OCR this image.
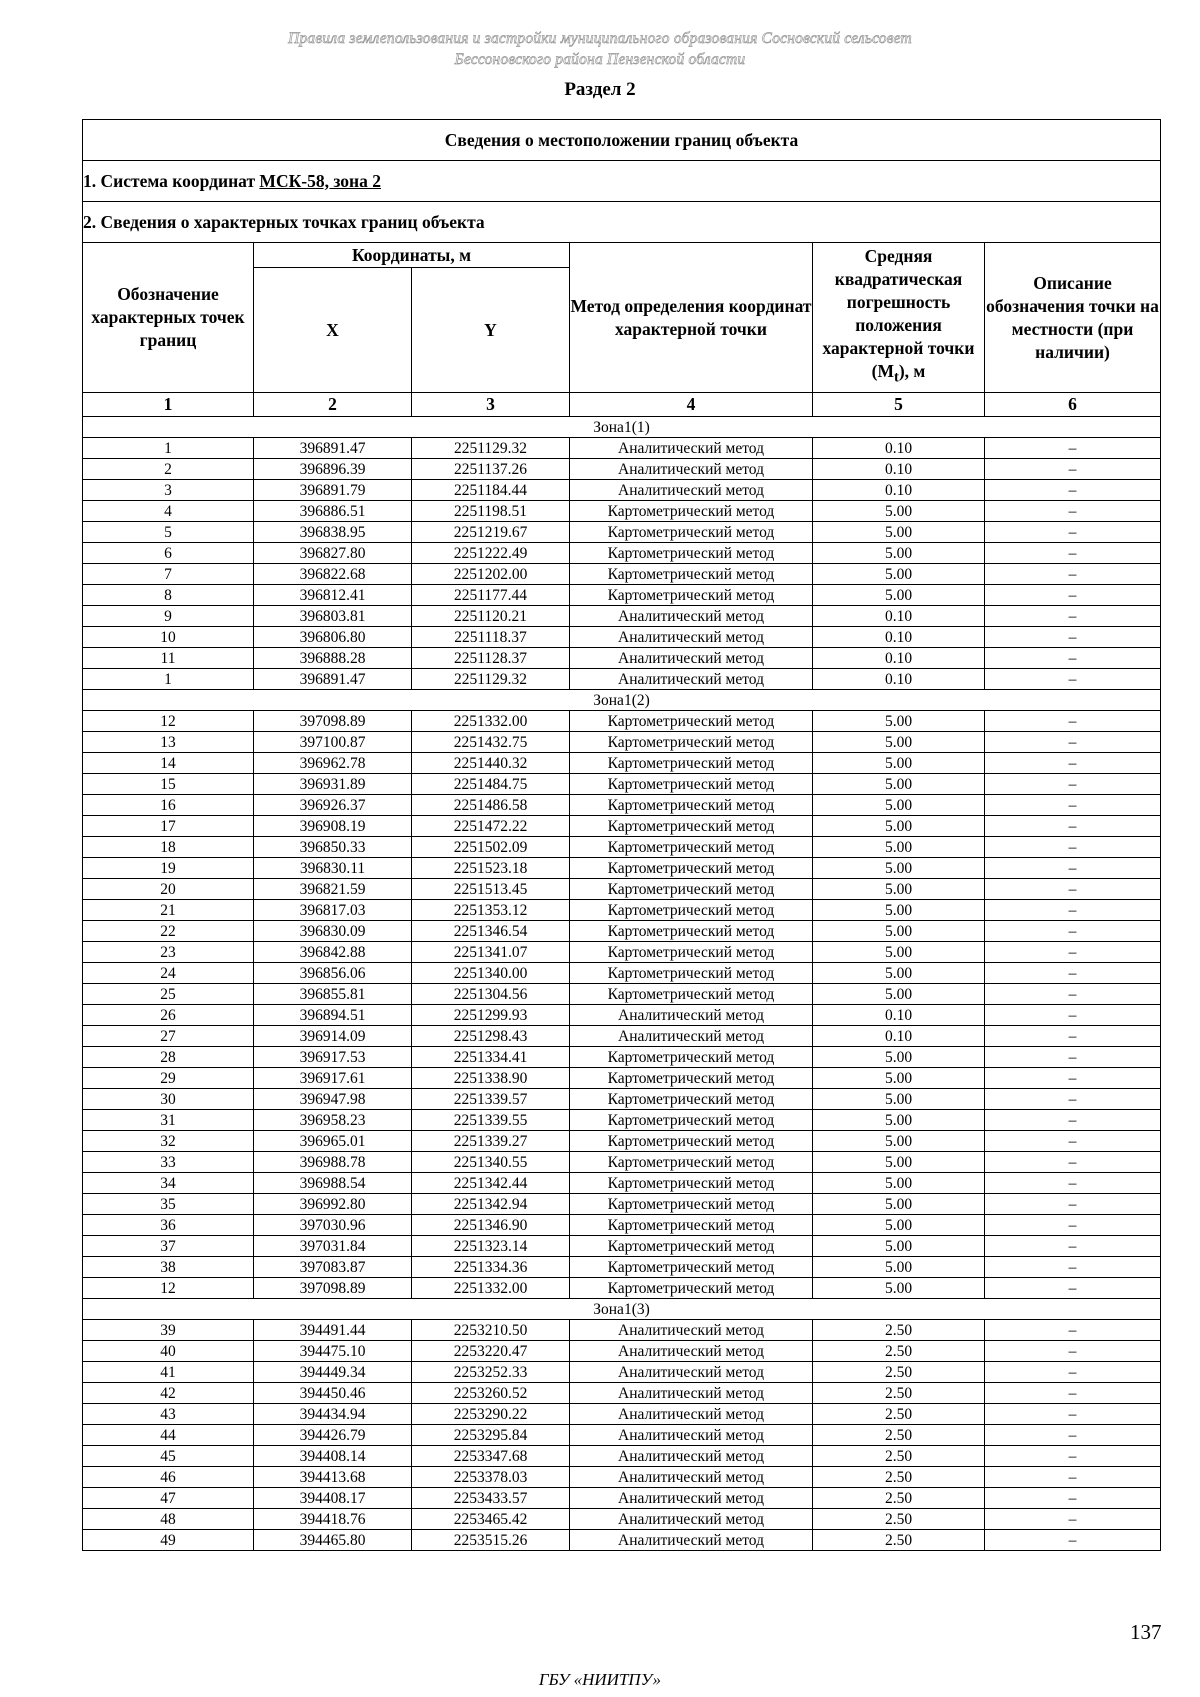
Правила землепользования и застройки муниципального образования Сосновский сельсовет
Бессоновского района Пензенской области
Раздел 2
Сведения о местоположении границ объекта					
1. Система координат МСК-58, зона 2					
2. Сведения о характерных точках границ объекта					
Обозначение характерных точек границ	Координаты, м		Метод определения координат характерной точки	Средняя квадратическая погрешность положения характерной точки $(М_t)$, м	Описание обозначения точки на местности (при наличии)
	X	Y			
1	2	3	4	5	6
Зона1(1)					
1	396891.47	2251129.32	Аналитический метод	0.10	–
2	396896.39	2251137.26	Аналитический метод	0.10	–
3	396891.79	2251184.44	Аналитический метод	0.10	–
4	396886.51	2251198.51	Картометрический метод	5.00	–
5	396838.95	2251219.67	Картометрический метод	5.00	–
6	396827.80	2251222.49	Картометрический метод	5.00	–
7	396822.68	2251202.00	Картометрический метод	5.00	–
8	396812.41	2251177.44	Картометрический метод	5.00	–
9	396803.81	2251120.21	Аналитический метод	0.10	–
10	396806.80	2251118.37	Аналитический метод	0.10	–
11	396888.28	2251128.37	Аналитический метод	0.10	–
1	396891.47	2251129.32	Аналитический метод	0.10	–
Зона1(2)					
12	397098.89	2251332.00	Картометрический метод	5.00	–
13	397100.87	2251432.75	Картометрический метод	5.00	–
14	396962.78	2251440.32	Картометрический метод	5.00	–
15	396931.89	2251484.75	Картометрический метод	5.00	–
16	396926.37	2251486.58	Картометрический метод	5.00	–
17	396908.19	2251472.22	Картометрический метод	5.00	–
18	396850.33	2251502.09	Картометрический метод	5.00	–
19	396830.11	2251523.18	Картометрический метод	5.00	–
20	396821.59	2251513.45	Картометрический метод	5.00	–
21	396817.03	2251353.12	Картометрический метод	5.00	–
22	396830.09	2251346.54	Картометрический метод	5.00	–
23	396842.88	2251341.07	Картометрический метод	5.00	–
24	396856.06	2251340.00	Картометрический метод	5.00	–
25	396855.81	2251304.56	Картометрический метод	5.00	–
26	396894.51	2251299.93	Аналитический метод	0.10	–
27	396914.09	2251298.43	Аналитический метод	0.10	–
28	396917.53	2251334.41	Картометрический метод	5.00	–
29	396917.61	2251338.90	Картометрический метод	5.00	–
30	396947.98	2251339.57	Картометрический метод	5.00	–
31	396958.23	2251339.55	Картометрический метод	5.00	–
32	396965.01	2251339.27	Картометрический метод	5.00	–
33	396988.78	2251340.55	Картометрический метод	5.00	–
34	396988.54	2251342.44	Картометрический метод	5.00	–
35	396992.80	2251342.94	Картометрический метод	5.00	–
36	397030.96	2251346.90	Картометрический метод	5.00	–
37	397031.84	2251323.14	Картометрический метод	5.00	–
38	397083.87	2251334.36	Картометрический метод	5.00	–
12	397098.89	2251332.00	Картометрический метод	5.00	–
Зона1(3)					
39	394491.44	2253210.50	Аналитический метод	2.50	–
40	394475.10	2253220.47	Аналитический метод	2.50	–
41	394449.34	2253252.33	Аналитический метод	2.50	–
42	394450.46	2253260.52	Аналитический метод	2.50	–
43	394434.94	2253290.22	Аналитический метод	2.50	–
44	394426.79	2253295.84	Аналитический метод	2.50	–
45	394408.14	2253347.68	Аналитический метод	2.50	–
46	394413.68	2253378.03	Аналитический метод	2.50	–
47	394408.17	2253433.57	Аналитический метод	2.50	–
48	394418.76	2253465.42	Аналитический метод	2.50	–
49	394465.80	2253515.26	Аналитический метод	2.50	–
137
ГБУ «НИИТПУ»
